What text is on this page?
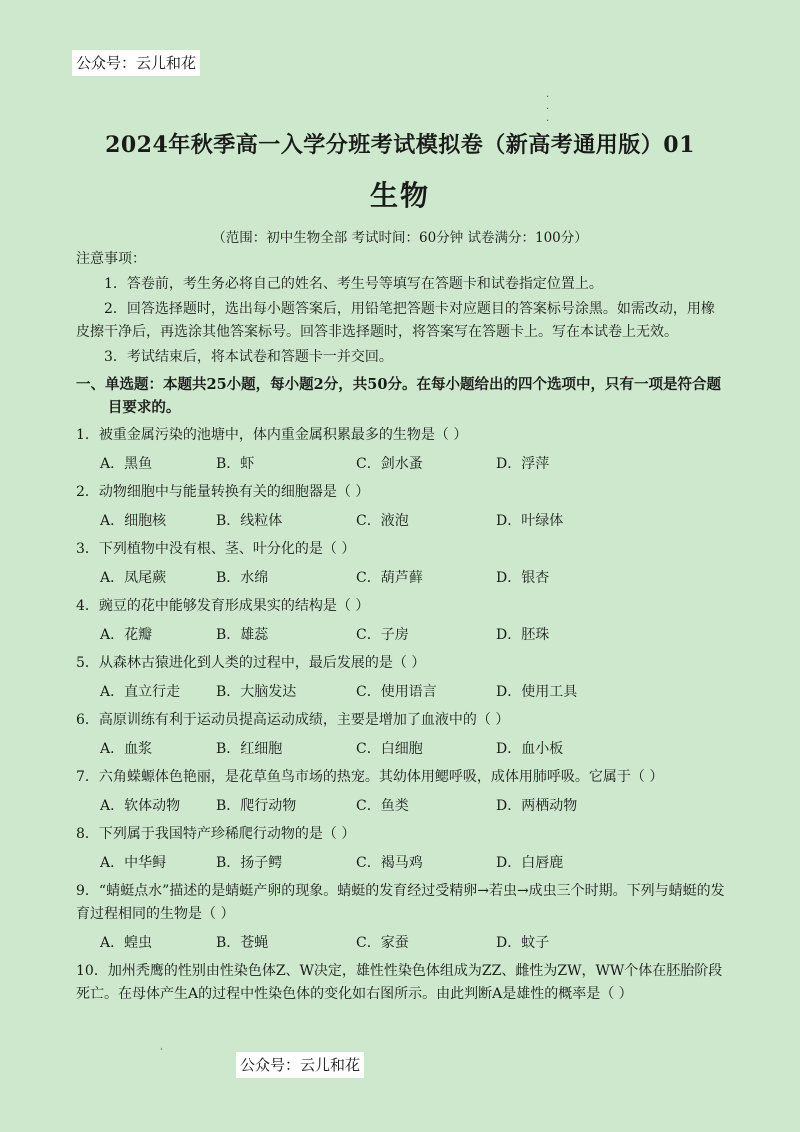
公众号：云儿和花
·
·
·
2024年秋季高一入学分班考试模拟卷（新高考通用版）01
生物
（范围：初中生物全部 考试时间：60分钟 试卷满分：100分）
注意事项：
1．答卷前，考生务必将自己的姓名、考生号等填写在答题卡和试卷指定位置上。
2．回答选择题时，选出每小题答案后，用铅笔把答题卡对应题目的答案标号涂黑。如需改动，用橡皮擦干净后，再选涂其他答案标号。回答非选择题时，将答案写在答题卡上。写在本试卷上无效。
3．考试结束后，将本试卷和答题卡一并交回。
一、单选题：本题共25小题，每小题2分，共50分。在每小题给出的四个选项中，只有一项是符合题目要求的。
1．被重金属污染的池塘中，体内重金属积累最多的生物是（ ）
A．黑鱼	B．虾	C．剑水蚤	D．浮萍
2．动物细胞中与能量转换有关的细胞器是（ ）
A．细胞核	B．线粒体	C．液泡	D．叶绿体
3．下列植物中没有根、茎、叶分化的是（ ）
A．凤尾蕨	B．水绵	C．葫芦藓	D．银杏
4．豌豆的花中能够发育形成果实的结构是（ ）
A．花瓣	B．雄蕊	C．子房	D．胚珠
5．从森林古猿进化到人类的过程中，最后发展的是（ ）
A．直立行走	B．大脑发达	C．使用语言	D．使用工具
6．高原训练有利于运动员提高运动成绩，主要是增加了血液中的（ ）
A．血浆	B．红细胞	C．白细胞	D．血小板
7．六角蝾螈体色艳丽，是花草鱼鸟市场的热宠。其幼体用鳃呼吸，成体用肺呼吸。它属于（ ）
A．软体动物	B．爬行动物	C．鱼类	D．两栖动物
8．下列属于我国特产珍稀爬行动物的是（ ）
A．中华鲟	B．扬子鳄	C．褐马鸡	D．白唇鹿
9．“蜻蜓点水”描述的是蜻蜓产卵的现象。蜻蜓的发育经过受精卵→若虫→成虫三个时期。下列与蜻蜓的发育过程相同的生物是（ ）
A．蝗虫	B．苍蝇	C．家蚕	D．蚊子
10．加州秃鹰的性别由性染色体Z、W决定，雄性性染色体组成为ZZ、雌性为ZW，WW个体在胚胎阶段死亡。在母体产生A的过程中性染色体的变化如右图所示。由此判断A是雄性的概率是（ ）
公众号：云儿和花
ˈ
